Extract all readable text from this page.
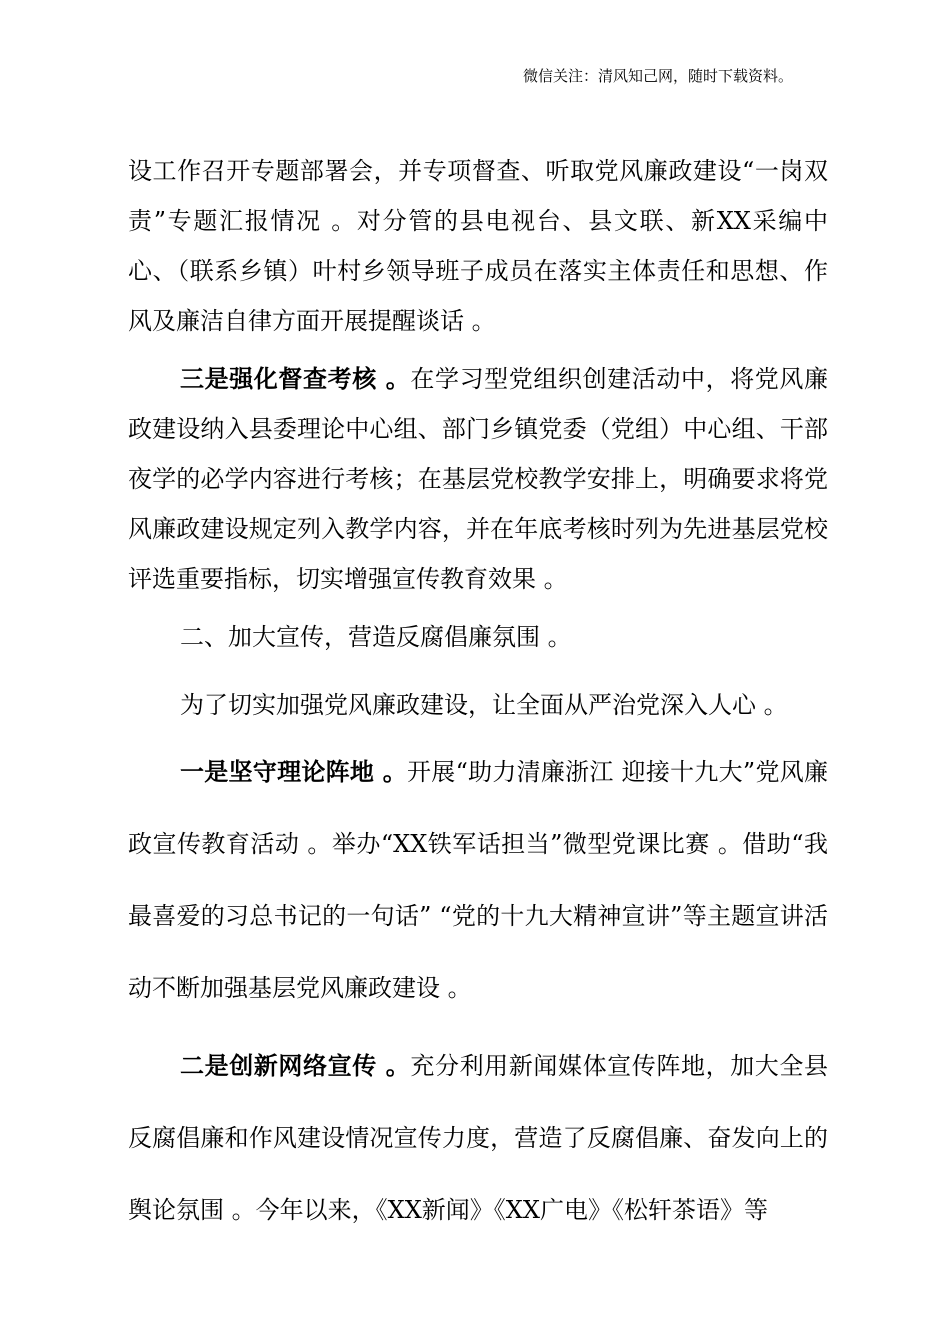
微信关注：清风知己网，随时下载资料。

设工作召开专题部署会，并专项督查、听取党风廉政建设“一岗双责”专题汇报情况 。对分管的县电视台、县文联、新XX采编中心、（联系乡镇）叶村乡领导班子成员在落实主体责任和思想、作风及廉洁自律方面开展提醒谈话 。

三是强化督查考核 。在学习型党组织创建活动中，将党风廉政建设纳入县委理论中心组、部门乡镇党委（党组）中心组、干部夜学的必学内容进行考核；在基层党校教学安排上，明确要求将党风廉政建设规定列入教学内容，并在年底考核时列为先进基层党校评选重要指标，切实增强宣传教育效果 。

二、加大宣传，营造反腐倡廉氛围 。

为了切实加强党风廉政建设，让全面从严治党深入人心 。

一是坚守理论阵地 。开展“助力清廉浙江 迎接十九大”党风廉政宣传教育活动 。举办“XX铁军话担当”微型党课比赛 。借助“我最喜爱的习总书记的一句话” “党的十九大精神宣讲”等主题宣讲活动不断加强基层党风廉政建设 。

二是创新网络宣传 。充分利用新闻媒体宣传阵地，加大全县反腐倡廉和作风建设情况宣传力度，营造了反腐倡廉、奋发向上的舆论氛围 。今年以来，《XX新闻》《XX广电》《松轩茶语》等
